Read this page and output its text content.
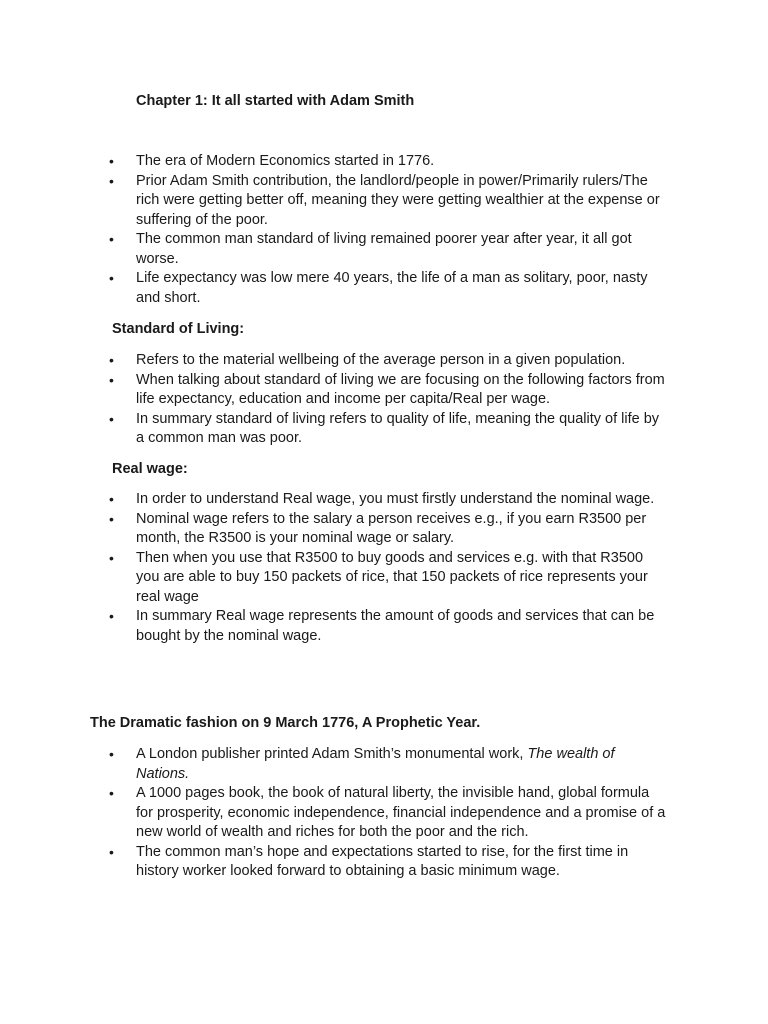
Chapter 1: It all started with Adam Smith
• The era of Modern Economics started in 1776.
• Prior Adam Smith contribution, the landlord/people in power/Primarily rulers/The rich were getting better off, meaning they were getting wealthier at the expense or suffering of the poor.
• The common man standard of living remained poorer year after year, it all got worse.
• Life expectancy was low mere 40 years, the life of a man as solitary, poor, nasty and short.
Standard of Living:
• Refers to the material wellbeing of the average person in a given population.
• When talking about standard of living we are focusing on the following factors from life expectancy, education and income per capita/Real per wage.
• In summary standard of living refers to quality of life, meaning the quality of life by a common man was poor.
Real wage:
• In order to understand Real wage, you must firstly understand the nominal wage.
• Nominal wage refers to the salary a person receives e.g., if you earn R3500 per month, the R3500 is your nominal wage or salary.
• Then when you use that R3500 to buy goods and services e.g. with that R3500 you are able to buy 150 packets of rice, that 150 packets of rice represents your real wage
• In summary Real wage represents the amount of goods and services that can be bought by the nominal wage.
The Dramatic fashion on 9 March 1776, A Prophetic Year.
• A London publisher printed Adam Smith’s monumental work, The wealth of Nations.
• A 1000 pages book, the book of natural liberty, the invisible hand, global formula for prosperity, economic independence, financial independence and a promise of a new world of wealth and riches for both the poor and the rich.
• The common man’s hope and expectations started to rise, for the first time in history worker looked forward to obtaining a basic minimum wage.
